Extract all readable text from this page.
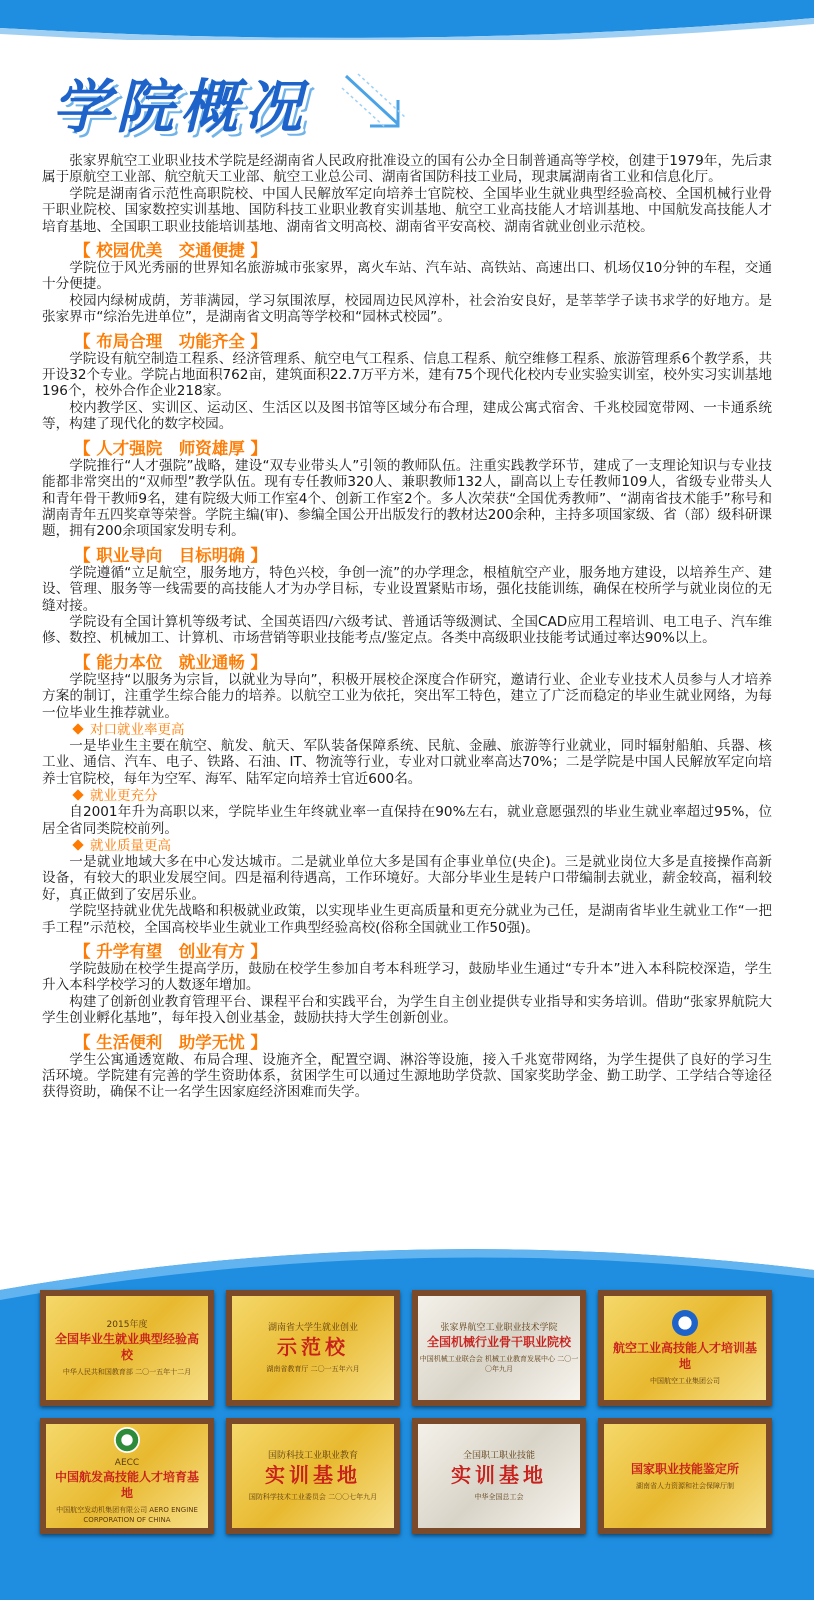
学院概况

张家界航空工业职业技术学院是经湖南省人民政府批准设立的国有公办全日制普通高等学校，创建于1979年，先后隶属于原航空工业部、航空航天工业部、航空工业总公司、湖南省国防科技工业局，现隶属湖南省工业和信息化厅。

学院是湖南省示范性高职院校、中国人民解放军定向培养士官院校、全国毕业生就业典型经验高校、全国机械行业骨干职业院校、国家数控实训基地、国防科技工业职业教育实训基地、航空工业高技能人才培训基地、中国航发高技能人才培育基地、全国职工职业技能培训基地、湖南省文明高校、湖南省平安高校、湖南省就业创业示范校。

【 校园优美　交通便捷 】

学院位于风光秀丽的世界知名旅游城市张家界，离火车站、汽车站、高铁站、高速出口、机场仅10分钟的车程，交通十分便捷。

校园内绿树成荫，芳菲满园，学习氛围浓厚，校园周边民风淳朴，社会治安良好，是莘莘学子读书求学的好地方。是张家界市“综治先进单位”，是湖南省文明高等学校和“园林式校园”。

【 布局合理　功能齐全 】

学院设有航空制造工程系、经济管理系、航空电气工程系、信息工程系、航空维修工程系、旅游管理系6个教学系，共开设32个专业。学院占地面积762亩，建筑面积22.7万平方米，建有75个现代化校内专业实验实训室，校外实习实训基地196个，校外合作企业218家。

校内教学区、实训区、运动区、生活区以及图书馆等区域分布合理，建成公寓式宿舍、千兆校园宽带网、一卡通系统等，构建了现代化的数字校园。

【 人才强院　师资雄厚 】

学院推行“人才强院”战略，建设“双专业带头人”引领的教师队伍。注重实践教学环节，建成了一支理论知识与专业技能都非常突出的“双师型”教学队伍。现有专任教师320人、兼职教师132人，副高以上专任教师109人，省级专业带头人和青年骨干教师9名，建有院级大师工作室4个、创新工作室2个。多人次荣获“全国优秀教师”、“湖南省技术能手”称号和湖南青年五四奖章等荣誉。学院主编(审)、参编全国公开出版发行的教材达200余种，主持多项国家级、省（部）级科研课题，拥有200余项国家发明专利。

【 职业导向　目标明确 】

学院遵循“立足航空，服务地方，特色兴校，争创一流”的办学理念，根植航空产业，服务地方建设，以培养生产、建设、管理、服务等一线需要的高技能人才为办学目标，专业设置紧贴市场，强化技能训练，确保在校所学与就业岗位的无缝对接。

学院设有全国计算机等级考试、全国英语四/六级考试、普通话等级测试、全国CAD应用工程培训、电工电子、汽车维修、数控、机械加工、计算机、市场营销等职业技能考点/鉴定点。各类中高级职业技能考试通过率达90%以上。

【 能力本位　就业通畅 】

学院坚持“以服务为宗旨，以就业为导向”，积极开展校企深度合作研究，邀请行业、企业专业技术人员参与人才培养方案的制订，注重学生综合能力的培养。以航空工业为依托，突出军工特色，建立了广泛而稳定的毕业生就业网络，为每一位毕业生推荐就业。

对口就业率更高

一是毕业生主要在航空、航发、航天、军队装备保障系统、民航、金融、旅游等行业就业，同时辐射船舶、兵器、核工业、通信、汽车、电子、铁路、石油、IT、物流等行业，专业对口就业率高达70%；二是学院是中国人民解放军定向培养士官院校，每年为空军、海军、陆军定向培养士官近600名。

就业更充分

自2001年升为高职以来，学院毕业生年终就业率一直保持在90%左右，就业意愿强烈的毕业生就业率超过95%，位居全省同类院校前列。

就业质量更高

一是就业地域大多在中心发达城市。二是就业单位大多是国有企事业单位(央企)。三是就业岗位大多是直接操作高新设备，有较大的职业发展空间。四是福利待遇高，工作环境好。大部分毕业生是转户口带编制去就业，薪金较高，福利较好，真正做到了安居乐业。

学院坚持就业优先战略和积极就业政策，以实现毕业生更高质量和更充分就业为己任，是湖南省毕业生就业工作“一把手工程”示范校，全国高校毕业生就业工作典型经验高校(俗称全国就业工作50强)。

【 升学有望　创业有方 】

学院鼓励在校学生提高学历，鼓励在校学生参加自考本科班学习，鼓励毕业生通过“专升本”进入本科院校深造，学生升入本科学校学习的人数逐年增加。

构建了创新创业教育管理平台、课程平台和实践平台，为学生自主创业提供专业指导和实务培训。借助“张家界航院大学生创业孵化基地”，每年投入创业基金，鼓励扶持大学生创新创业。

【 生活便利　助学无忧 】

学生公寓通透宽敞、布局合理、设施齐全，配置空调、淋浴等设施，接入千兆宽带网络，为学生提供了良好的学习生活环境。学院建有完善的学生资助体系，贫困学生可以通过生源地助学贷款、国家奖助学金、勤工助学、工学结合等途径获得资助，确保不让一名学生因家庭经济困难而失学。

2015年度
全国毕业生就业典型经验高校
中华人民共和国教育部 二〇一五年十二月
湖南省大学生就业创业
示范校
湖南省教育厅 二〇一五年六月
张家界航空工业职业技术学院
全国机械行业骨干职业院校
中国机械工业联合会 机械工业教育发展中心 二〇一〇年九月
航空工业高技能人才培训基地
中国航空工业集团公司
AECC
中国航发高技能人才培育基地
中国航空发动机集团有限公司 AERO ENGINE CORPORATION OF CHINA
国防科技工业职业教育
实训基地
国防科学技术工业委员会 二〇〇七年九月
全国职工职业技能
实训基地
中华全国总工会
国家职业技能鉴定所
湖南省人力资源和社会保障厅制
